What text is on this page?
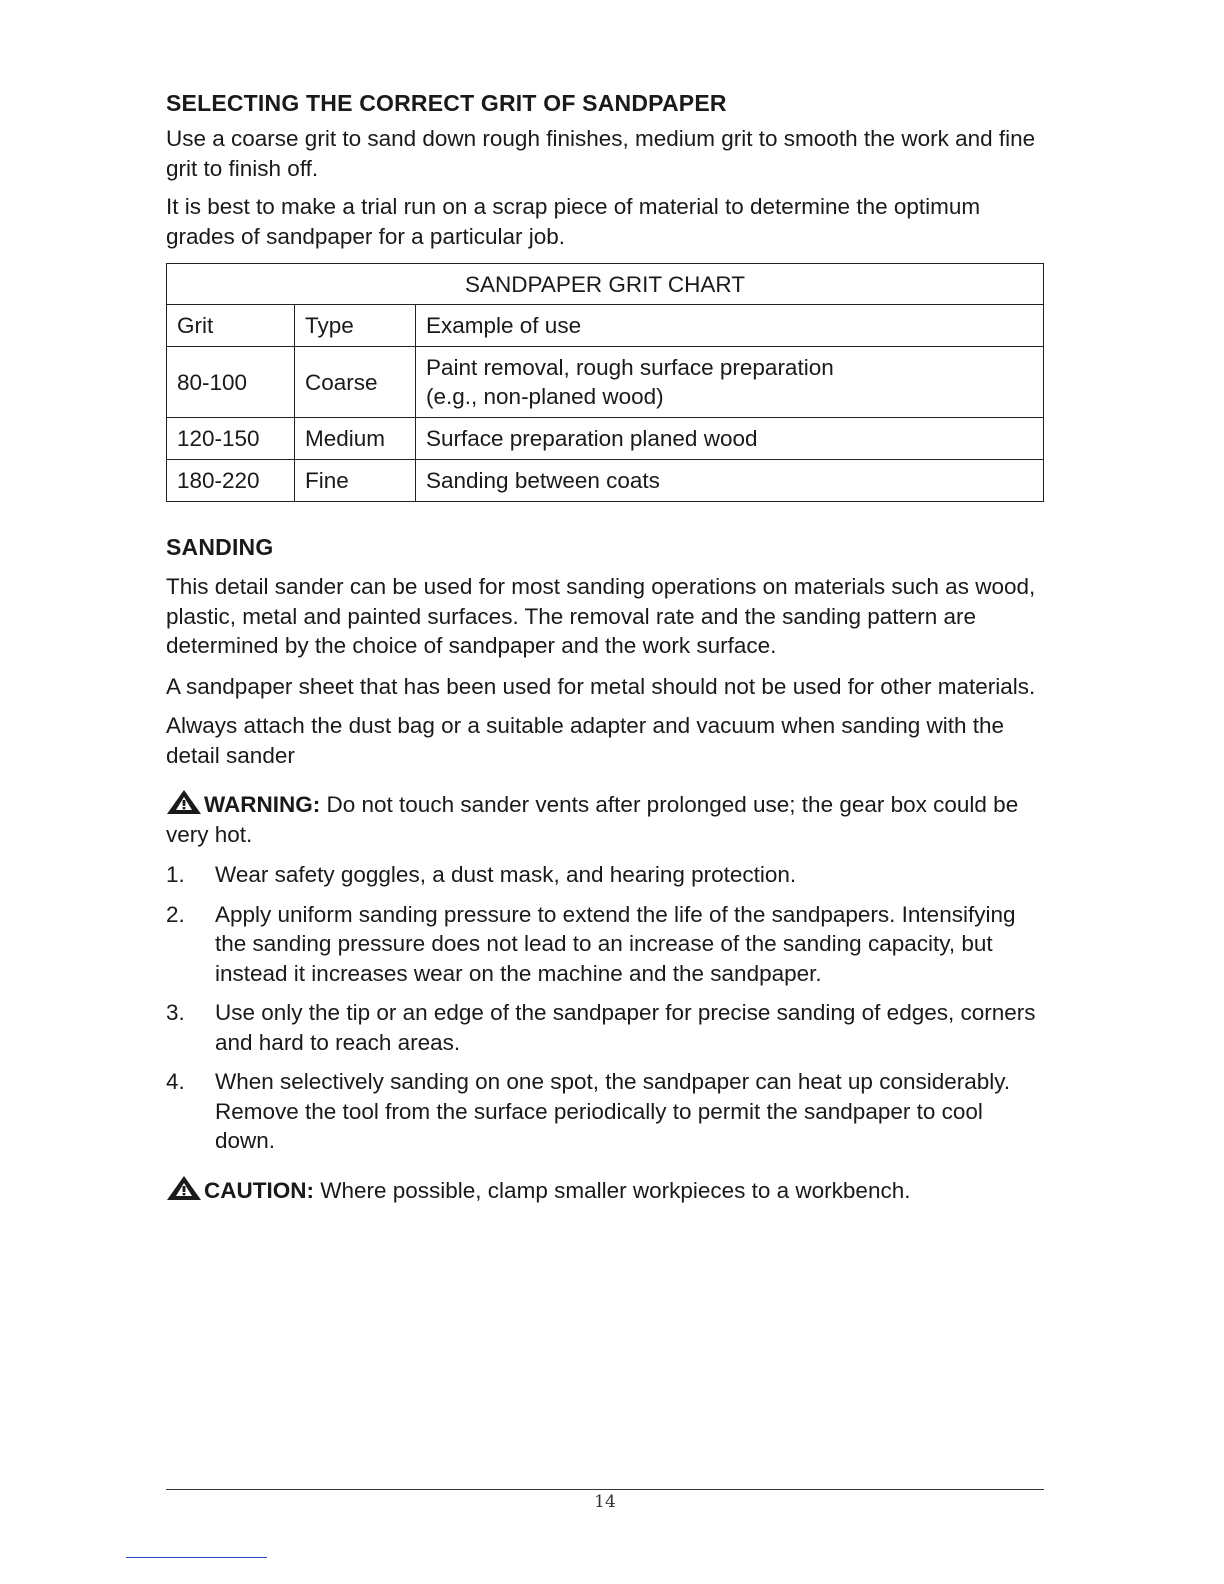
SELECTING THE CORRECT GRIT OF SANDPAPER

Use a coarse grit to sand down rough finishes, medium grit to smooth the work and fine grit to finish off.

It is best to make a trial run on a scrap piece of material to determine the optimum grades of sandpaper for a particular job.

SANDPAPER GRIT CHART		
Grit	Type	Example of use
80-100	Coarse	Paint removal, rough surface preparation
(e.g., non-planed wood)

120-150	Medium	Surface preparation planed wood
180-220	Fine	Sanding between coats
SANDING

This detail sander can be used for most sanding operations on materials such as wood, plastic, metal and painted surfaces. The removal rate and the sanding pattern are determined by the choice of sandpaper and the work surface.

A sandpaper sheet that has been used for metal should not be used for other materials.

Always attach the dust bag or a suitable adapter and vacuum when sanding with the detail sander

WARNING: Do not touch sander vents after prolonged use; the gear box could be very hot.
1. Wear safety goggles, a dust mask, and hearing protection.
2. Apply uniform sanding pressure to extend the life of the sandpapers. Intensifying the sanding pressure does not lead to an increase of the sanding capacity, but instead it increases wear on the machine and the sandpaper.
3. Use only the tip or an edge of the sandpaper for precise sanding of edges, corners and hard to reach areas.
4. When selectively sanding on one spot, the sandpaper can heat up considerably. Remove the tool from the surface periodically to permit the sandpaper to cool down.
CAUTION: Where possible, clamp smaller workpieces to a workbench.
14
